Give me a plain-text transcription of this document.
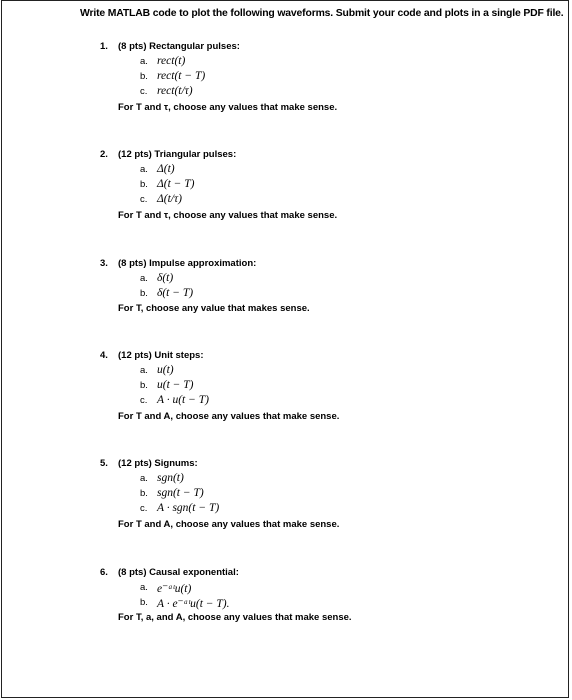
Write MATLAB code to plot the following waveforms. Submit your code and plots in a single PDF file.
1. (8 pts) Rectangular pulses:
a. rect(t)
b. rect(t − T)
c. rect(t/τ)
For T and τ, choose any values that make sense.
2. (12 pts) Triangular pulses:
a. Δ(t)
b. Δ(t − T)
c. Δ(t/τ)
For T and τ, choose any values that make sense.
3. (8 pts) Impulse approximation:
a. δ(t)
b. δ(t − T)
For T, choose any value that makes sense.
4. (12 pts) Unit steps:
a. u(t)
b. u(t − T)
c. A · u(t − T)
For T and A, choose any values that make sense.
5. (12 pts) Signums:
a. sgn(t)
b. sgn(t − T)
c. A · sgn(t − T)
For T and A, choose any values that make sense.
6. (8 pts) Causal exponential:
a. e⁻ᵃᵗu(t)
b. A · e⁻ᵃᵗu(t − T).
For T, a, and A, choose any values that make sense.
